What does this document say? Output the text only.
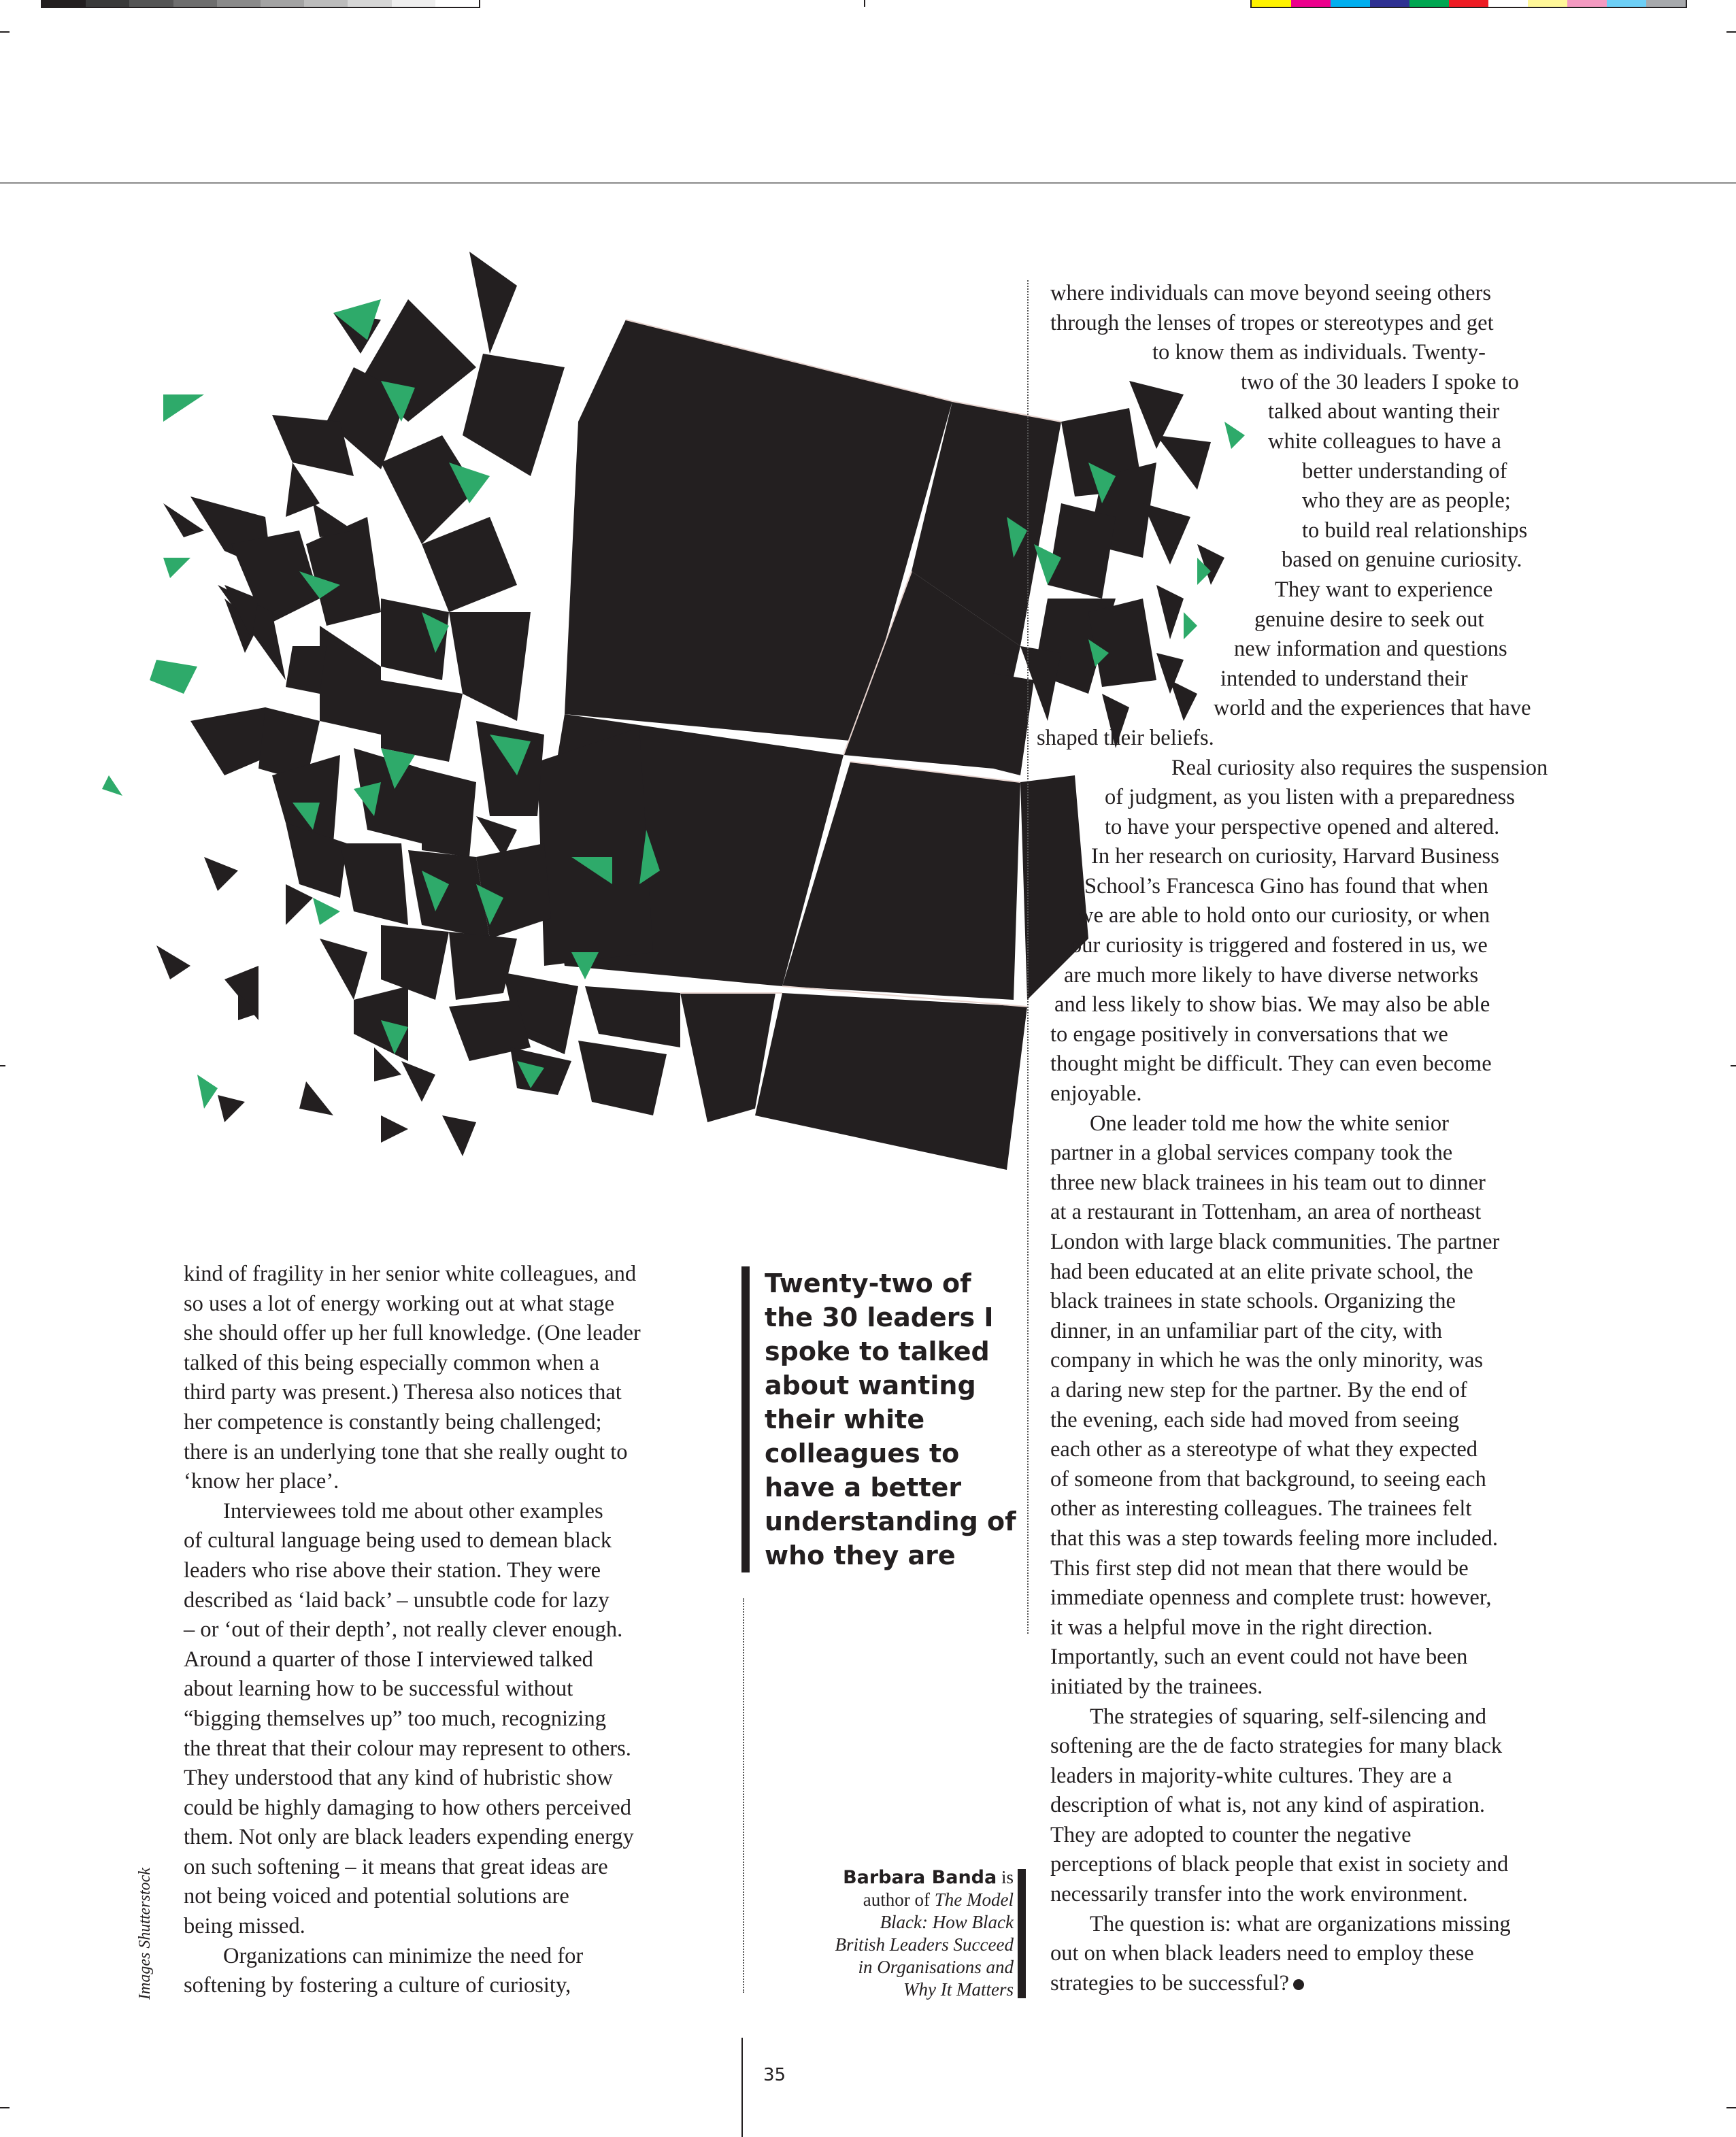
kind of fragility in her senior white colleagues, and

so uses a lot of energy working out at what stage

she should offer up her full knowledge. (One leader

talked of this being especially common when a

third party was present.) Theresa also notices that

her competence is constantly being challenged;

there is an underlying tone that she really ought to

‘know her place’.

Interviewees told me about other examples

of cultural language being used to demean black

leaders who rise above their station. They were

described as ‘laid back’ – unsubtle code for lazy

– or ‘out of their depth’, not really clever enough.

Around a quarter of those I interviewed talked

about learning how to be successful without

“bigging themselves up” too much, recognizing

the threat that their colour may represent to others.

They understood that any kind of hubristic show

could be highly damaging to how others perceived

them. Not only are black leaders expending energy

on such softening – it means that great ideas are

not being voiced and potential solutions are

being missed.

Organizations can minimize the need for

softening by fostering a culture of curiosity,

Twenty-two of
the 30 leaders I
spoke to talked
about wanting
their white
colleagues to
have a better
understanding of
who they are
Barbara Banda is
author of The Model
Black: How Black
British Leaders Succeed
in Organisations and
Why It Matters

where individuals can move beyond seeing others

through the lenses of tropes or stereotypes and get

to know them as individuals. Twenty-

two of the 30 leaders I spoke to

talked about wanting their

white colleagues to have a

better understanding of

who they are as people;

to build real relationships

based on genuine curiosity.

They want to experience

genuine desire to seek out

new information and questions

intended to understand their

world and the experiences that have

shaped their beliefs.

Real curiosity also requires the suspension

of judgment, as you listen with a preparedness

to have your perspective opened and altered.

In her research on curiosity, Harvard Business

School’s Francesca Gino has found that when

we are able to hold onto our curiosity, or when

our curiosity is triggered and fostered in us, we

are much more likely to have diverse networks

and less likely to show bias. We may also be able

to engage positively in conversations that we

thought might be difficult. They can even become

enjoyable.

One leader told me how the white senior

partner in a global services company took the

three new black trainees in his team out to dinner

at a restaurant in Tottenham, an area of northeast

London with large black communities. The partner

had been educated at an elite private school, the

black trainees in state schools. Organizing the

dinner, in an unfamiliar part of the city, with

company in which he was the only minority, was

a daring new step for the partner. By the end of

the evening, each side had moved from seeing

each other as a stereotype of what they expected

of someone from that background, to seeing each

other as interesting colleagues. The trainees felt

that this was a step towards feeling more included.

This first step did not mean that there would be

immediate openness and complete trust: however,

it was a helpful move in the right direction.

Importantly, such an event could not have been

initiated by the trainees.

The strategies of squaring, self-silencing and

softening are the de facto strategies for many black

leaders in majority-white cultures. They are a

description of what is, not any kind of aspiration.

They are adopted to counter the negative

perceptions of black people that exist in society and

necessarily transfer into the work environment.

The question is: what are organizations missing

out on when black leaders need to employ these

strategies to be successful?

Images Shutterstock
35
